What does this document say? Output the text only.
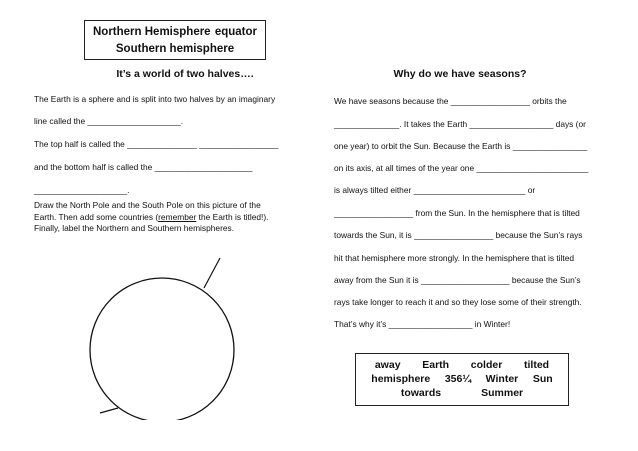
Northern Hemisphere equator
Southern hemisphere
It’s a world of two halves….	Why do we have seasons?
The Earth is a sphere and is split into two halves by an imaginary
line called the ____________________.
The top half is called the _______________ _________________
and the bottom half is called the _____________________
____________________.

Draw the North Pole and the South Pole on this picture of the

Earth. Then add some countries (remember the Earth is titled!).

Finally, label the Northern and Southern hemispheres.

We have seasons because the _________________ orbits the
______________. It takes the Earth __________________ days (or
one year) to orbit the Sun. Because the Earth is ________________
on its axis, at all times of the year one ________________________
is always tilted either ________________________ or
_________________ from the Sun. In the hemisphere that is tilted
towards the Sun, it is _________________ because the Sun’s rays
hit that hemisphere more strongly. In the hemisphere that is tilted
away from the Sun it is ___________________ because the Sun’s
rays take longer to reach it and so they lose some of their strength.
That’s why it’s __________________ in Winter!
away Earth colder tilted
hemisphere 356¼ Winter Sun
towards	Summer
